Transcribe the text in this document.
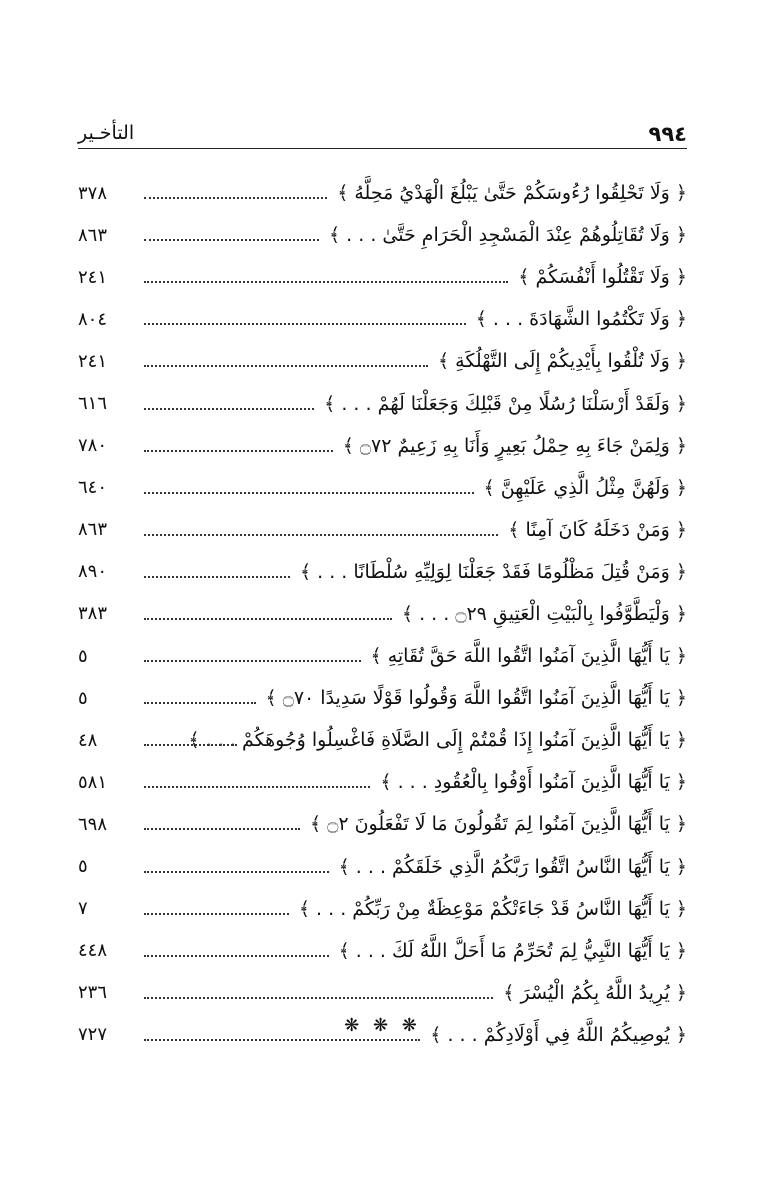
٩٩٤
التأخـير
﴿ وَلَا تَحْلِقُوا رُءُوسَكُمْ حَتَّىٰ يَبْلُغَ الْهَدْيُ مَحِلَّهُ ﴾
٣٧٨
﴿ وَلَا تُقَاتِلُوهُمْ عِنْدَ الْمَسْجِدِ الْحَرَامِ حَتَّىٰ . . . ﴾
٨٦٣
﴿ وَلَا تَقْتُلُوا أَنْفُسَكُمْ ﴾
٢٤١
﴿ وَلَا تَكْتُمُوا الشَّهَادَةَ . . . ﴾
٨٠٤
﴿ وَلَا تُلْقُوا بِأَيْدِيكُمْ إِلَى التَّهْلُكَةِ ﴾
٢٤١
﴿ وَلَقَدْ أَرْسَلْنَا رُسُلًا مِنْ قَبْلِكَ وَجَعَلْنَا لَهُمْ . . . ﴾
٦١٦
﴿ وَلِمَنْ جَاءَ بِهِ حِمْلُ بَعِيرٍ وَأَنَا بِهِ زَعِيمٌ ۝٧٢ ﴾
٧٨٠
﴿ وَلَهُنَّ مِثْلُ الَّذِي عَلَيْهِنَّ ﴾
٦٤٠
﴿ وَمَنْ دَخَلَهُ كَانَ آمِنًا ﴾
٨٦٣
﴿ وَمَنْ قُتِلَ مَظْلُومًا فَقَدْ جَعَلْنَا لِوَلِيِّهِ سُلْطَانًا . . . ﴾
٨٩٠
﴿ وَلْيَطَّوَّفُوا بِالْبَيْتِ الْعَتِيقِ ۝٢٩ . . . ﴾
٣٨٣
﴿ يَا أَيُّهَا الَّذِينَ آمَنُوا اتَّقُوا اللَّهَ حَقَّ تُقَاتِهِ ﴾
٥
﴿ يَا أَيُّهَا الَّذِينَ آمَنُوا اتَّقُوا اللَّهَ وَقُولُوا قَوْلًا سَدِيدًا ۝٧٠ ﴾
٥
﴿ يَا أَيُّهَا الَّذِينَ آمَنُوا إِذَا قُمْتُمْ إِلَى الصَّلَاةِ فَاغْسِلُوا وُجُوهَكُمْ . . . ﴾
٤٨
﴿ يَا أَيُّهَا الَّذِينَ آمَنُوا أَوْفُوا بِالْعُقُودِ . . . ﴾
٥٨١
﴿ يَا أَيُّهَا الَّذِينَ آمَنُوا لِمَ تَقُولُونَ مَا لَا تَفْعَلُونَ ۝٢ ﴾
٦٩٨
﴿ يَا أَيُّهَا النَّاسُ اتَّقُوا رَبَّكُمُ الَّذِي خَلَقَكُمْ . . . ﴾
٥
﴿ يَا أَيُّهَا النَّاسُ قَدْ جَاءَتْكُمْ مَوْعِظَةٌ مِنْ رَبِّكُمْ . . . ﴾
٧
﴿ يَا أَيُّهَا النَّبِيُّ لِمَ تُحَرِّمُ مَا أَحَلَّ اللَّهُ لَكَ . . . ﴾
٤٤٨
﴿ يُرِيدُ اللَّهُ بِكُمُ الْيُسْرَ ﴾
٢٣٦
﴿ يُوصِيكُمُ اللَّهُ فِي أَوْلَادِكُمْ . . . ﴾
٧٢٧	❋ ❋ ❋
